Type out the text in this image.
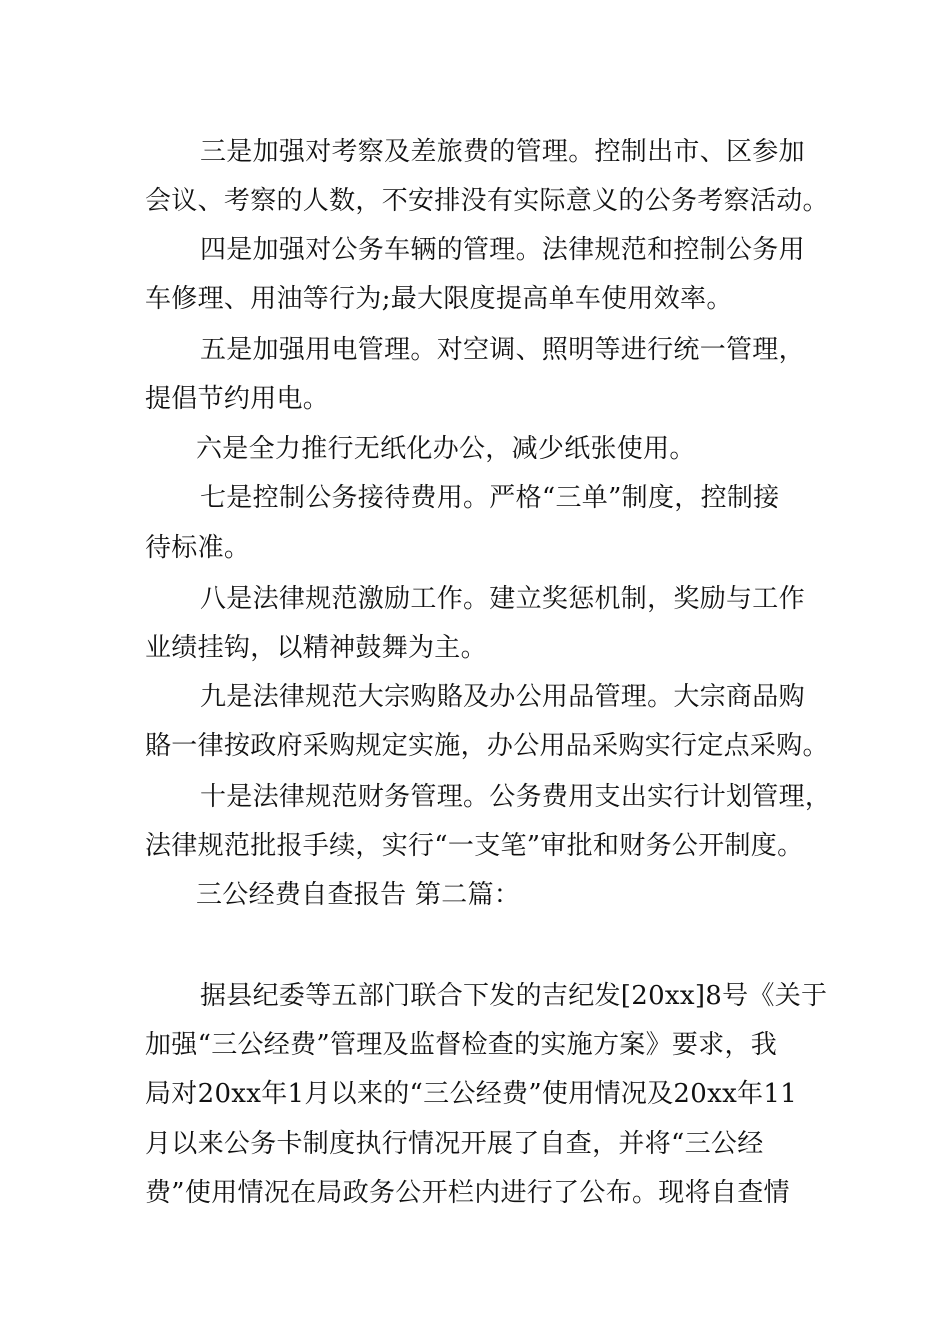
三是加强对考察及差旅费的管理。控制出市、区参加
会议、考察的人数，不安排没有实际意义的公务考察活动。
四是加强对公务车辆的管理。法律规范和控制公务用
车修理、用油等行为;最大限度提高单车使用效率。
五是加强用电管理。对空调、照明等进行统一管理，
提倡节约用电。
六是全力推行无纸化办公，减少纸张使用。
七是控制公务接待费用。严格“三单”制度，控制接
待标准。
八是法律规范激励工作。建立奖惩机制，奖励与工作
业绩挂钩，以精神鼓舞为主。
九是法律规范大宗购賂及办公用品管理。大宗商品购
賂一律按政府采购规定实施，办公用品采购实行定点采购。
十是法律规范财务管理。公务费用支出实行计划管理，
法律规范批报手续，实行“一支笔”审批和财务公开制度。
三公经费自查报告 第二篇：
据县纪委等五部门联合下发的吉纪发[20xx]8号《关于
加强“三公经费”管理及监督检查的实施方案》要求，我
局对20xx年1月以来的“三公经费”使用情况及20xx年11
月以来公务卡制度执行情况开展了自查，并将“三公经
费”使用情况在局政务公开栏内进行了公布。现将自查情
